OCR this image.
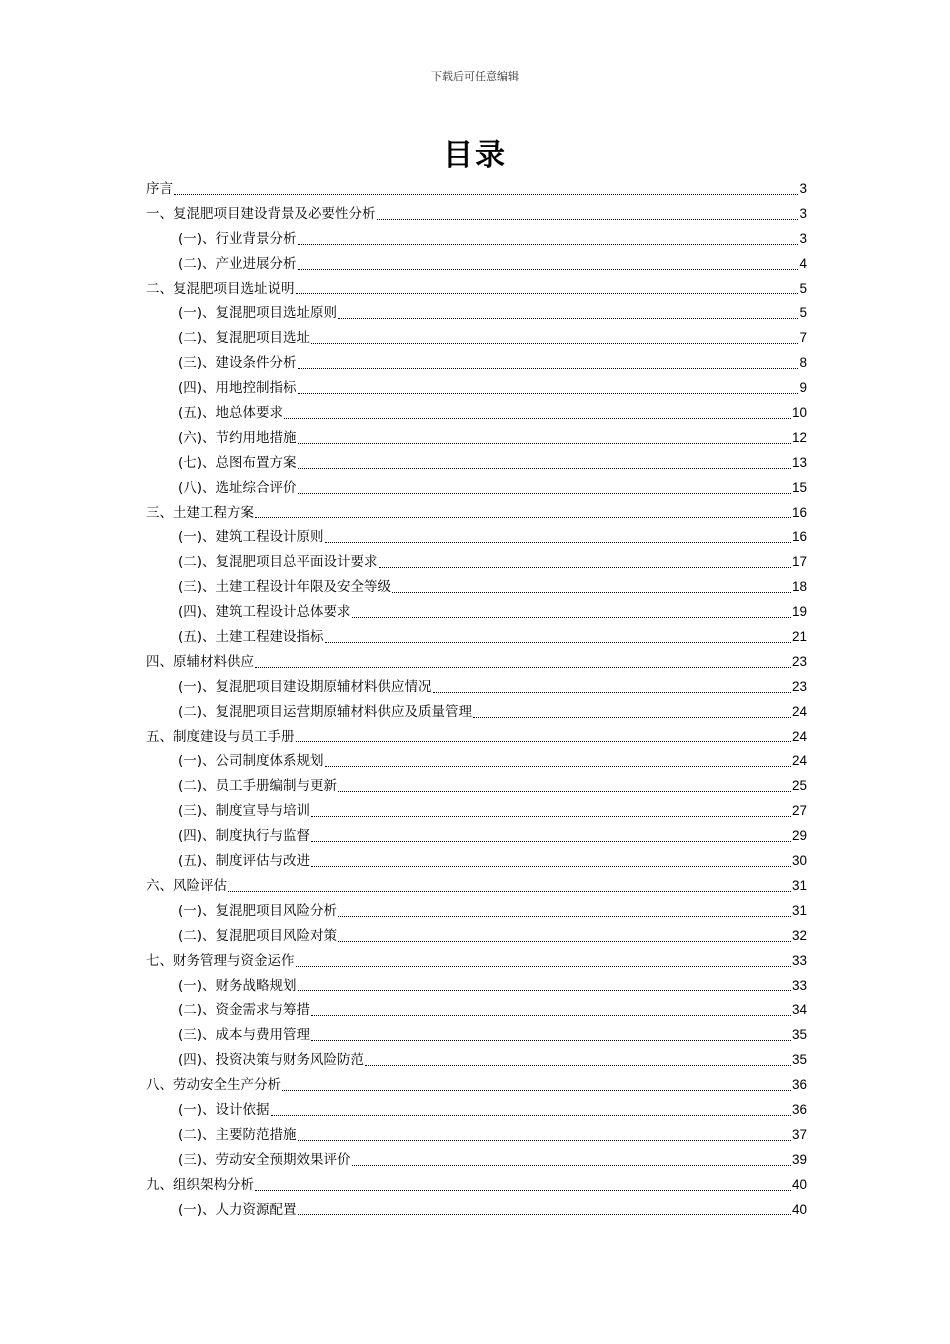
下载后可任意编辑
目录
序言	3
一、复混肥项目建设背景及必要性分析	3
(一)、行业背景分析	3
(二)、产业进展分析	4
二、复混肥项目选址说明	5
(一)、复混肥项目选址原则	5
(二)、复混肥项目选址	7
(三)、建设条件分析	8
(四)、用地控制指标	9
(五)、地总体要求	10
(六)、节约用地措施	12
(七)、总图布置方案	13
(八)、选址综合评价	15
三、土建工程方案	16
(一)、建筑工程设计原则	16
(二)、复混肥项目总平面设计要求	17
(三)、土建工程设计年限及安全等级	18
(四)、建筑工程设计总体要求	19
(五)、土建工程建设指标	21
四、原辅材料供应	23
(一)、复混肥项目建设期原辅材料供应情况	23
(二)、复混肥项目运营期原辅材料供应及质量管理	24
五、制度建设与员工手册	24
(一)、公司制度体系规划	24
(二)、员工手册编制与更新	25
(三)、制度宣导与培训	27
(四)、制度执行与监督	29
(五)、制度评估与改进	30
六、风险评估	31
(一)、复混肥项目风险分析	31
(二)、复混肥项目风险对策	32
七、财务管理与资金运作	33
(一)、财务战略规划	33
(二)、资金需求与筹措	34
(三)、成本与费用管理	35
(四)、投资决策与财务风险防范	35
八、劳动安全生产分析	36
(一)、设计依据	36
(二)、主要防范措施	37
(三)、劳动安全预期效果评价	39
九、组织架构分析	40
(一)、人力资源配置	40
